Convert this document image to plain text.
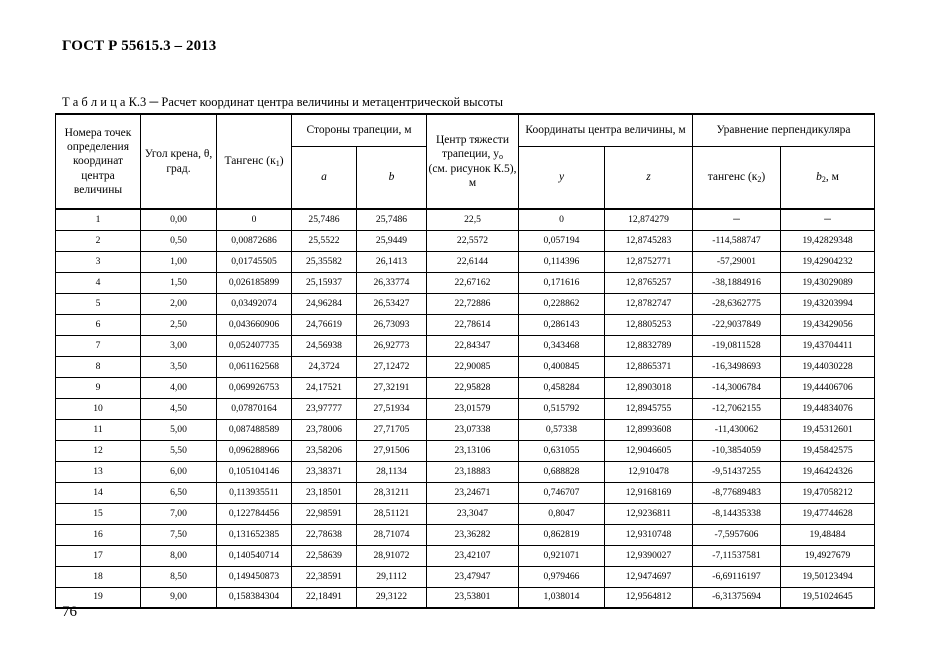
ГОСТ Р 55615.3 – 2013
Т а б л и ц а К.3 ─ Расчет координат центра величины и метацентрической высоты
Номера точек определения координат центра величины	Угол крена, θ, град.	Тангенс (к1)	Стороны трапеции, м		Центр тяжести трапеции, уо
(см. рисунок К.5), м	Координаты центра величины, м		Уравнение перпендикуляра	
			a	b		y	z	тангенс (к2)	b2, м
1	0,00	0	25,7486	25,7486	22,5	0	12,874279	─	─
2	0,50	0,00872686	25,5522	25,9449	22,5572	0,057194	12,8745283	-114,588747	19,42829348
3	1,00	0,01745505	25,35582	26,1413	22,6144	0,114396	12,8752771	-57,29001	19,42904232
4	1,50	0,026185899	25,15937	26,33774	22,67162	0,171616	12,8765257	-38,1884916	19,43029089
5	2,00	0,03492074	24,96284	26,53427	22,72886	0,228862	12,8782747	-28,6362775	19,43203994
6	2,50	0,043660906	24,76619	26,73093	22,78614	0,286143	12,8805253	-22,9037849	19,43429056
7	3,00	0,052407735	24,56938	26,92773	22,84347	0,343468	12,8832789	-19,0811528	19,43704411
8	3,50	0,061162568	24,3724	27,12472	22,90085	0,400845	12,8865371	-16,3498693	19,44030228
9	4,00	0,069926753	24,17521	27,32191	22,95828	0,458284	12,8903018	-14,3006784	19,44406706
10	4,50	0,07870164	23,97777	27,51934	23,01579	0,515792	12,8945755	-12,7062155	19,44834076
11	5,00	0,087488589	23,78006	27,71705	23,07338	0,57338	12,8993608	-11,430062	19,45312601
12	5,50	0,096288966	23,58206	27,91506	23,13106	0,631055	12,9046605	-10,3854059	19,45842575
13	6,00	0,105104146	23,38371	28,1134	23,18883	0,688828	12,910478	-9,51437255	19,46424326
14	6,50	0,113935511	23,18501	28,31211	23,24671	0,746707	12,9168169	-8,77689483	19,47058212
15	7,00	0,122784456	22,98591	28,51121	23,3047	0,8047	12,9236811	-8,14435338	19,47744628
16	7,50	0,131652385	22,78638	28,71074	23,36282	0,862819	12,9310748	-7,5957606	19,48484
17	8,00	0,140540714	22,58639	28,91072	23,42107	0,921071	12,9390027	-7,11537581	19,4927679
18	8,50	0,149450873	22,38591	29,1112	23,47947	0,979466	12,9474697	-6,69116197	19,50123494
19	9,00	0,158384304	22,18491	29,3122	23,53801	1,038014	12,9564812	-6,31375694	19,51024645
76
